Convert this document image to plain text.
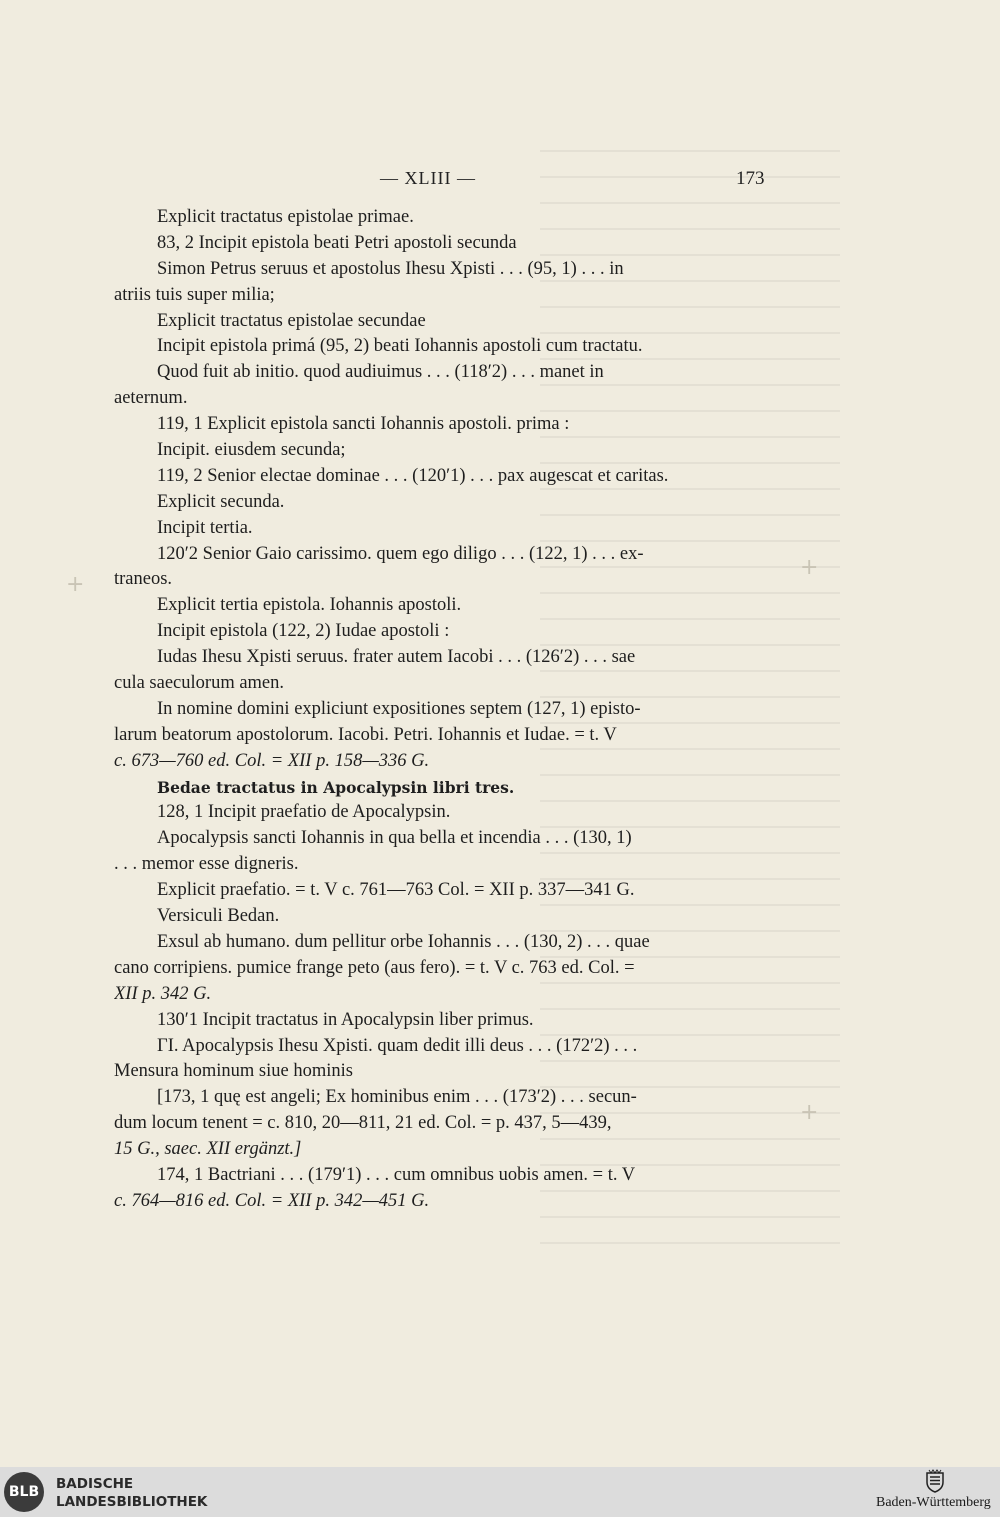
+
+
+
— XLIII —	173
Explicit tractatus epistolae primae.
83, 2 Incipit epistola beati Petri apostoli secunda
Simon Petrus seruus et apostolus Ihesu Χpisti . . . (95, 1) . . . in
atriis tuis super milia;
Explicit tractatus epistolae secundae
Incipit epistola primá (95, 2) beati Iohannis apostoli cum tractatu.
Quod fuit ab initio. quod audiuimus . . . (118ʹ2) . . . manet in
aeternum.
119, 1 Explicit epistola sancti Iohannis apostoli. prima :
Incipit. eiusdem secunda;
119, 2 Senior electae dominae . . . (120ʹ1) . . . pax augescat et caritas.
Explicit secunda.
Incipit tertia.
120ʹ2 Senior Gaio carissimo. quem ego diligo . . . (122, 1) . . . ex-
traneos.
Explicit tertia epistola. Iohannis apostoli.
Incipit epistola (122, 2) Iudae apostoli :
Iudas Ihesu Χpisti seruus. frater autem Iacobi . . . (126ʹ2) . . . sae
cula saeculorum amen.
In nomine domini expliciunt expositiones septem (127, 1) episto-
larum beatorum apostolorum. Iacobi. Petri. Iohannis et Iudae. = t. V
c. 673—760 ed. Col. = XII p. 158—336 G.
Bedae tractatus in Apocalypsin libri tres.
128, 1 Incipit praefatio de Apocalypsin.
Apocalypsis sancti Iohannis in qua bella et incendia . . . (130, 1)
. . . memor esse digneris.
Explicit praefatio. = t. V c. 761—763 Col. = XII p. 337—341 G.
Versiculi Bedan.
Exsul ab humano. dum pellitur orbe Iohannis . . . (130, 2) . . . quae
cano corripiens. pumice frange peto (aus fero). = t. V c. 763 ed. Col. =
XII p. 342 G.
130ʹ1 Incipit tractatus in Apocalypsin liber primus.
ΓI. Apocalypsis Ihesu Χpisti. quam dedit illi deus . . . (172ʹ2) . . .
Mensura hominum siue hominis
[173, 1 quę est angeli; Ex hominibus enim . . . (173ʹ2) . . . secun-
dum locum tenent = c. 810, 20—811, 21 ed. Col. = p. 437, 5—439,
15 G., saec. XII ergänzt.]
174, 1 Bactriani . . . (179ʹ1) . . . cum omnibus uobis amen. = t. V
c. 764—816 ed. Col. = XII p. 342—451 G.
BLB	BADISCHE
LANDESBIBLIOTHEK	Baden-Württemberg
